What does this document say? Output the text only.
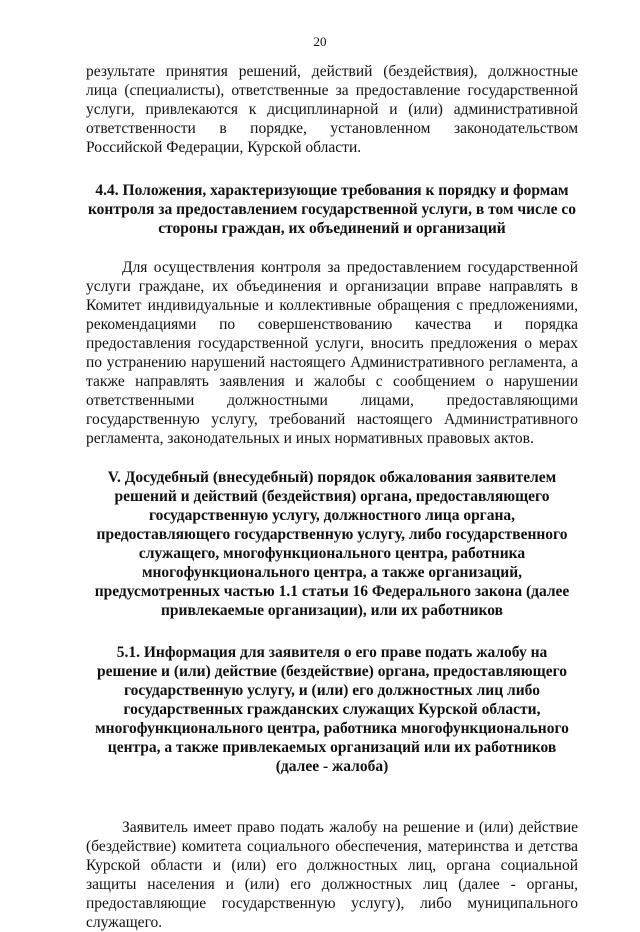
20

результате принятия решений, действий (бездействия), должностные лица (специалисты), ответственные за предоставление государственной услуги, привлекаются к дисциплинарной и (или) административной ответственности в порядке, установленном законодательством Российской Федерации, Курской области.

4.4. Положения, характеризующие требования к порядку и формам контроля за предоставлением государственной услуги, в том числе со стороны граждан, их объединений и организаций

Для осуществления контроля за предоставлением государственной услуги граждане, их объединения и организации вправе направлять в Комитет индивидуальные и коллективные обращения с предложениями, рекомендациями по совершенствованию качества и порядка предоставления государственной услуги, вносить предложения о мерах по устранению нарушений настоящего Административного регламента, а также направлять заявления и жалобы с сообщением о нарушении ответственными должностными лицами, предоставляющими государственную услугу, требований настоящего Административного регламента, законодательных и иных нормативных правовых актов.

V. Досудебный (внесудебный) порядок обжалования заявителем решений и действий (бездействия) органа, предоставляющего государственную услугу, должностного лица органа, предоставляющего государственную услугу, либо государственного служащего, многофункционального центра, работника многофункционального центра, а также организаций, предусмотренных частью 1.1 статьи 16 Федерального закона (далее привлекаемые организации), или их работников

5.1. Информация для заявителя о его праве подать жалобу на решение и (или) действие (бездействие) органа, предоставляющего государственную услугу, и (или) его должностных лиц либо государственных гражданских служащих Курской области, многофункционального центра, работника многофункционального центра, а также привлекаемых организаций или их работников (далее - жалоба)

Заявитель имеет право подать жалобу на решение и (или) действие (бездействие) комитета социального обеспечения, материнства и детства Курской области и (или) его должностных лиц, органа социальной защиты населения и (или) его должностных лиц (далее - органы, предоставляющие государственную услугу), либо муниципального служащего.
